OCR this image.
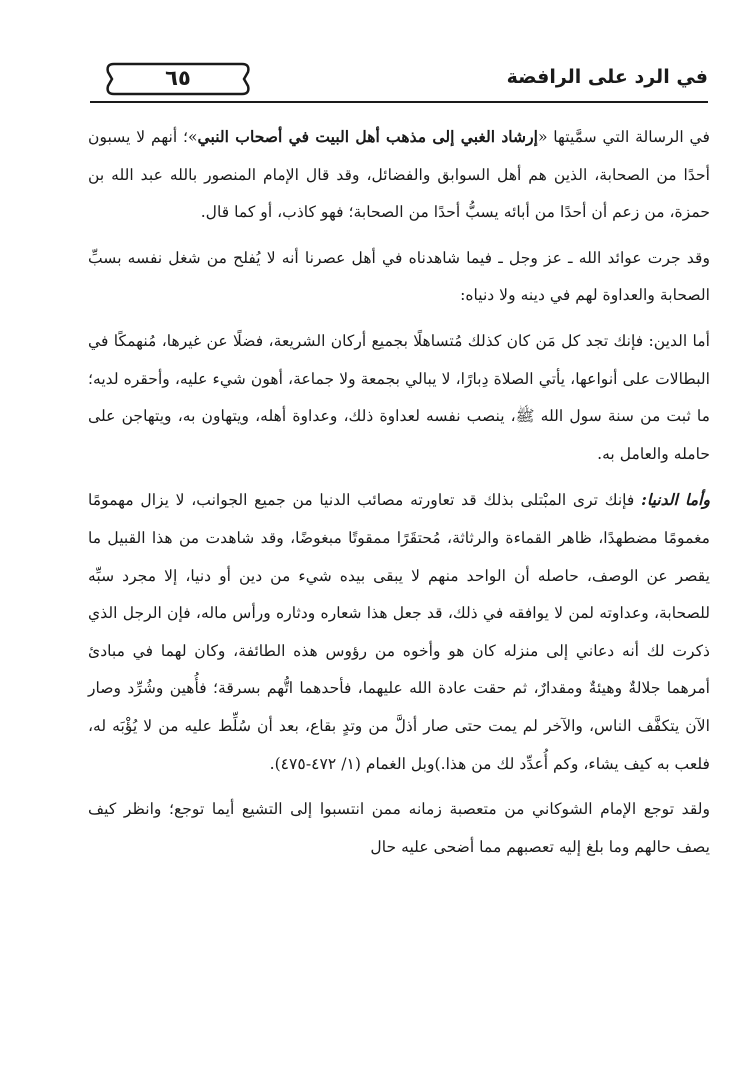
في الرد على الرافضة
٦٥

في الرسالة التي سمَّيتها «إرشاد الغبي إلى مذهب أهل البيت في أصحاب النبي»؛ أنهم لا يسبون أحدًا من الصحابة، الذين هم أهل السوابق والفضائل، وقد قال الإمام المنصور بالله عبد الله بن حمزة، من زعم أن أحدًا من أبائه يسبُّ أحدًا من الصحابة؛ فهو كاذب، أو كما قال.

وقد جرت عوائد الله ـ عز وجل ـ فيما شاهدناه في أهل عصرنا أنه لا يُفلح من شغل نفسه بسبِّ الصحابة والعداوة لهم في دينه ولا دنياه:

أما الدين: فإنك تجد كل مَن كان كذلك مُتساهلًا بجميع أركان الشريعة، فضلًا عن غيرها، مُنهمكًا في البطالات على أنواعها، يأتي الصلاة دِبارًا، لا يبالي بجمعة ولا جماعة، أهون شيء عليه، وأحقره لديه؛ ما ثبت من سنة سول الله ﷺ، ينصب نفسه لعداوة ذلك، وعداوة أهله، ويتهاون به، ويتهاجن على حامله والعامل به.

وأما الدنيا: فإنك ترى المبْتلى بذلك قد تعاورته مصائب الدنيا من جميع الجوانب، لا يزال مهمومًا مغمومًا مضطهدًا، ظاهر القماءة والرثاثة، مُحتقَرًا ممقوتًا مبغوضًا، وقد شاهدت من هذا القبيل ما يقصر عن الوصف، حاصله أن الواحد منهم لا يبقى بيده شيء من دين أو دنيا، إلا مجرد سبِّه للصحابة، وعداوته لمن لا يوافقه في ذلك، قد جعل هذا شعاره ودثاره ورأس ماله، فإن الرجل الذي ذكرت لك أنه دعاني إلى منزله كان هو وأخوه من رؤوس هذه الطائفة، وكان لهما في مبادئ أمرهما جلالةٌ وهيئةٌ ومقدارٌ، ثم حقت عادة الله عليهما، فأحدهما اتُّهم بسرقة؛ فأُهين وشُرِّد وصار الآن يتكفَّف الناس، والآخر لم يمت حتى صار أذلَّ من وتدٍ بقاع، بعد أن سُلِّط عليه من لا يُؤْبَه له، فلعب به كيف يشاء، وكم أُعدِّد لك من هذا.)وبل الغمام (١/ ٤٧٢-٤٧٥).

ولقد توجع الإمام الشوكاني من متعصبة زمانه ممن انتسبوا إلى التشيع أيما توجع؛ وانظر كيف يصف حالهم وما بلغ إليه تعصبهم مما أضحى عليه حال
